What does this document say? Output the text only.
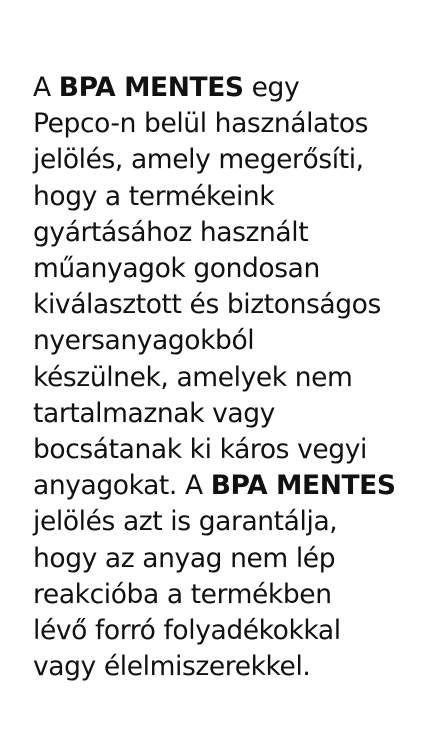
A BPA MENTES egy
Pepco-n belül használatos
jelölés, amely megerősíti,
hogy a termékeink
gyártásához használt
műanyagok gondosan
kiválasztott és biztonságos
nyersanyagokból
készülnek, amelyek nem
tartalmaznak vagy
bocsátanak ki káros vegyi
anyagokat. A BPA MENTES
jelölés azt is garantálja,
hogy az anyag nem lép
reakcióba a termékben
lévő forró folyadékokkal
vagy élelmiszerekkel.
